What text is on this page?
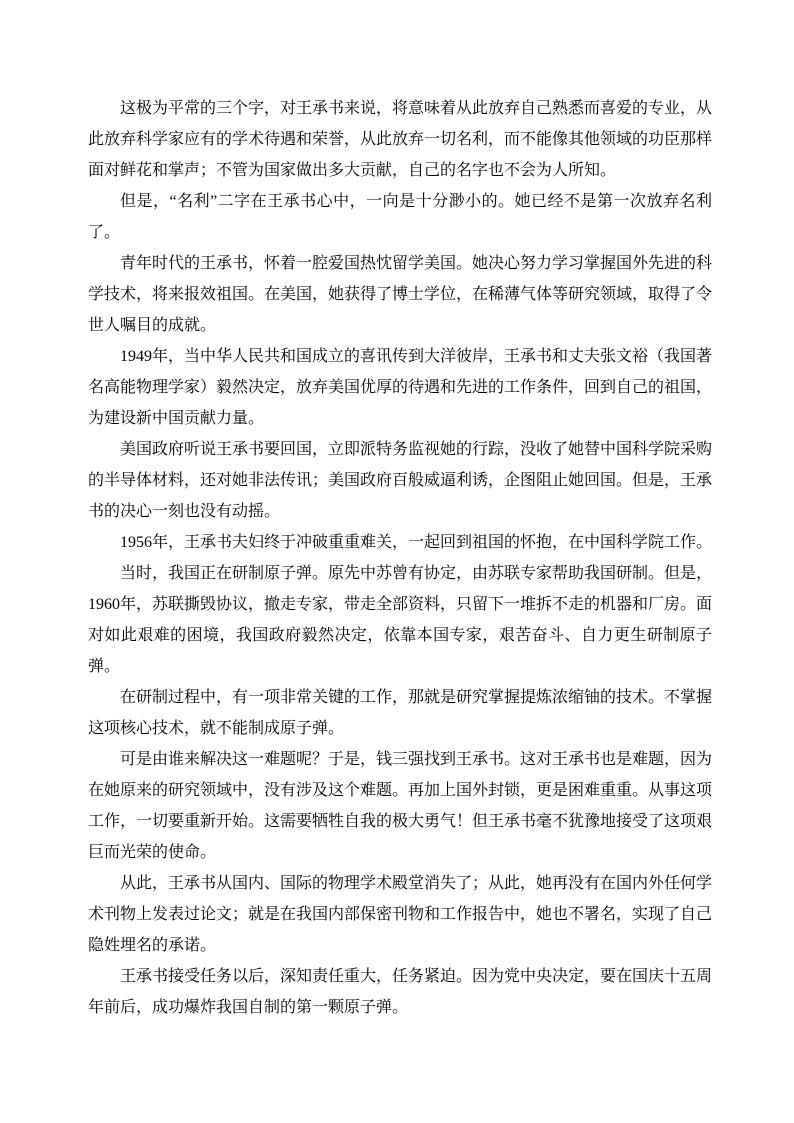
这极为平常的三个字，对王承书来说，将意味着从此放弃自己熟悉而喜爱的专业，从此放弃科学家应有的学术待遇和荣誉，从此放弃一切名利，而不能像其他领域的功臣那样面对鲜花和掌声；不管为国家做出多大贡献，自己的名字也不会为人所知。

但是，“名利”二字在王承书心中，一向是十分渺小的。她已经不是第一次放弃名利了。

青年时代的王承书，怀着一腔爱国热忱留学美国。她决心努力学习掌握国外先进的科学技术，将来报效祖国。在美国，她获得了博士学位，在稀薄气体等研究领域，取得了令世人嘱目的成就。

1949年，当中华人民共和国成立的喜讯传到大洋彼岸，王承书和丈夫张文裕（我国著名高能物理学家）毅然决定，放弃美国优厚的待遇和先进的工作条件，回到自己的祖国，为建设新中国贡献力量。

美国政府听说王承书要回国，立即派特务监视她的行踪，没收了她替中国科学院采购的半导体材料，还对她非法传讯；美国政府百般威逼利诱，企图阻止她回国。但是，王承书的决心一刻也没有动摇。

1956年，王承书夫妇终于冲破重重难关，一起回到祖国的怀抱，在中国科学院工作。

当时，我国正在研制原子弹。原先中苏曾有协定，由苏联专家帮助我国研制。但是，1960年，苏联撕毁协议，撤走专家，带走全部资料，只留下一堆拆不走的机器和厂房。面对如此艰难的困境，我国政府毅然决定，依靠本国专家，艰苦奋斗、自力更生研制原子弹。

在研制过程中，有一项非常关键的工作，那就是研究掌握提炼浓缩铀的技术。不掌握这项核心技术，就不能制成原子弹。

可是由谁来解决这一难题呢？于是，钱三强找到王承书。这对王承书也是难题，因为在她原来的研究领域中，没有涉及这个难题。再加上国外封锁，更是困难重重。从事这项工作，一切要重新开始。这需要牺牲自我的极大勇气！但王承书毫不犹豫地接受了这项艰巨而光荣的使命。

从此，王承书从国内、国际的物理学术殿堂消失了；从此，她再没有在国内外任何学术刊物上发表过论文；就是在我国内部保密刊物和工作报告中，她也不署名，实现了自己隐姓埋名的承诺。

王承书接受任务以后，深知责任重大，任务紧迫。因为党中央决定，要在国庆十五周年前后，成功爆炸我国自制的第一颗原子弹。
